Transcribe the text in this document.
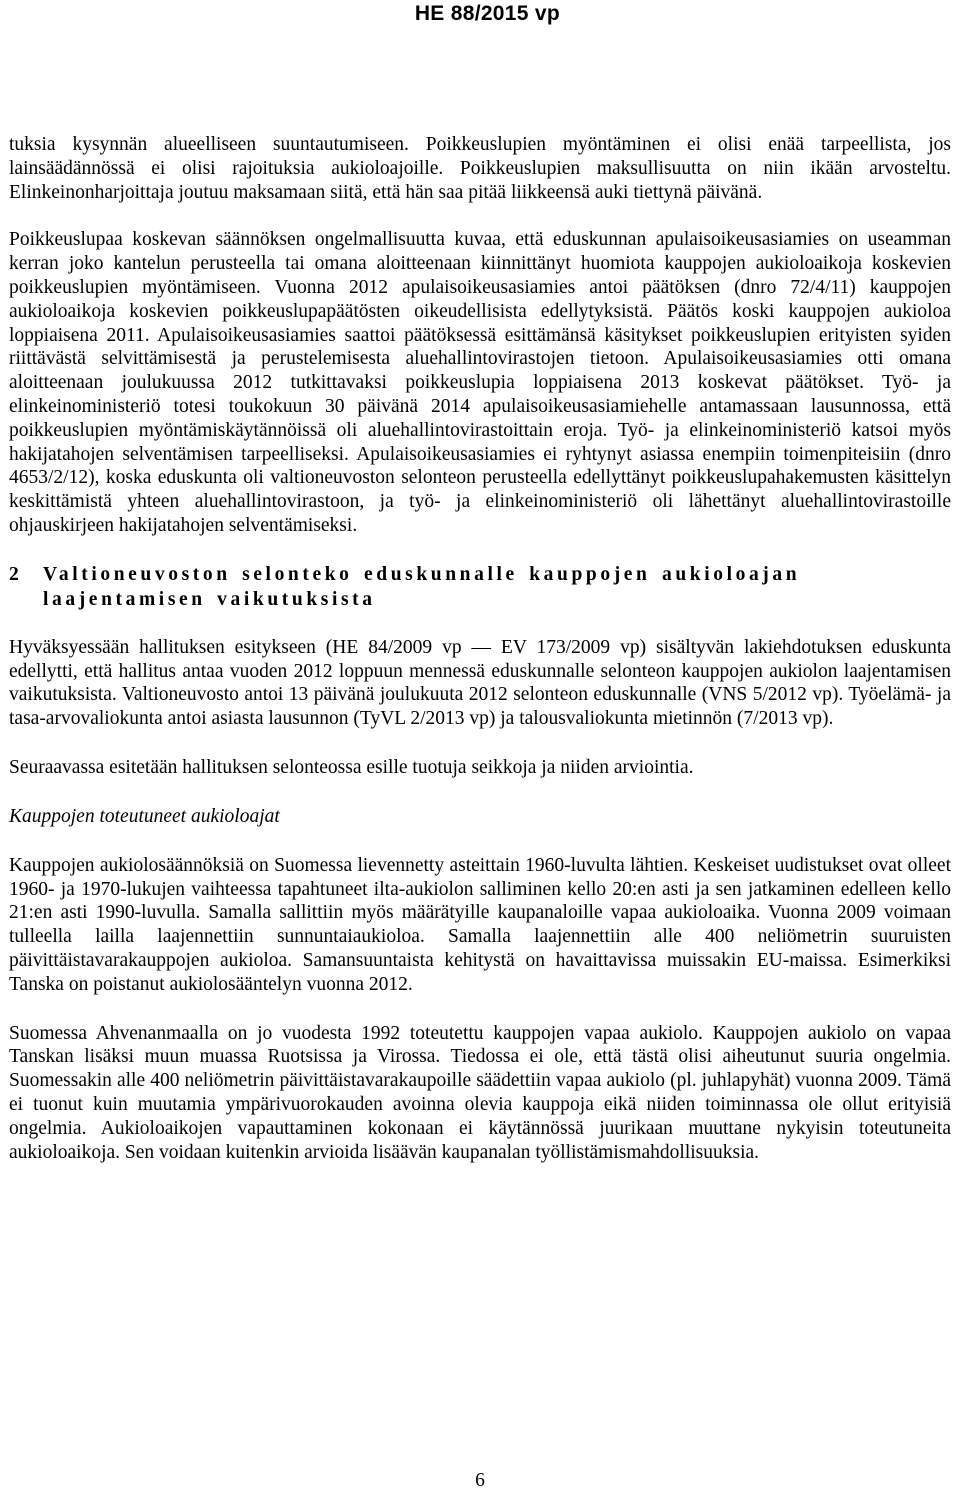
HE 88/2015 vp

tuksia kysynnän alueelliseen suuntautumiseen. Poikkeuslupien myöntäminen ei olisi enää tarpeellista, jos lainsäädännössä ei olisi rajoituksia aukioloajoille. Poikkeuslupien maksullisuutta on niin ikään arvosteltu. Elinkeinonharjoittaja joutuu maksamaan siitä, että hän saa pitää liikkeensä auki tiettynä päivänä.

Poikkeuslupaa koskevan säännöksen ongelmallisuutta kuvaa, että eduskunnan apulaisoikeusasiamies on useamman kerran joko kantelun perusteella tai omana aloitteenaan kiinnittänyt huomiota kauppojen aukioloaikoja koskevien poikkeuslupien myöntämiseen. Vuonna 2012 apulaisoikeusasiamies antoi päätöksen (dnro 72/4/11) kauppojen aukioloaikoja koskevien poikkeuslupapäätösten oikeudellisista edellytyksistä. Päätös koski kauppojen aukioloa loppiaisena 2011. Apulaisoikeusasiamies saattoi päätöksessä esittämänsä käsitykset poikkeuslupien erityisten syiden riittävästä selvittämisestä ja perustelemisesta aluehallintovirastojen tietoon. Apulaisoikeusasiamies otti omana aloitteenaan joulukuussa 2012 tutkittavaksi poikkeuslupia loppiaisena 2013 koskevat päätökset. Työ- ja elinkeinoministeriö totesi toukokuun 30 päivänä 2014 apulaisoikeusasiamiehelle antamassaan lausunnossa, että poikkeuslupien myöntämiskäytännöissä oli aluehallintovirastoittain eroja. Työ- ja elinkeinoministeriö katsoi myös hakijatahojen selventämisen tarpeelliseksi. Apulaisoikeusasiamies ei ryhtynyt asiassa enempiin toimenpiteisiin (dnro 4653/2/12), koska eduskunta oli valtioneuvoston selonteon perusteella edellyttänyt poikkeuslupahakemusten käsittelyn keskittämistä yhteen aluehallintovirastoon, ja työ- ja elinkeinoministeriö oli lähettänyt aluehallintovirastoille ohjauskirjeen hakijatahojen selventämiseksi.

2	Valtioneuvoston selonteko eduskunnalle kauppojen aukioloajan laajentamisen vaikutuksista

Hyväksyessään hallituksen esitykseen (HE 84/2009 vp — EV 173/2009 vp) sisältyvän lakiehdotuksen eduskunta edellytti, että hallitus antaa vuoden 2012 loppuun mennessä eduskunnalle selonteon kauppojen aukiolon laajentamisen vaikutuksista. Valtioneuvosto antoi 13 päivänä joulukuuta 2012 selonteon eduskunnalle (VNS 5/2012 vp). Työelämä- ja tasa-arvovaliokunta antoi asiasta lausunnon (TyVL 2/2013 vp) ja talousvaliokunta mietinnön (7/2013 vp).

Seuraavassa esitetään hallituksen selonteossa esille tuotuja seikkoja ja niiden arviointia.

Kauppojen toteutuneet aukioloajat

Kauppojen aukiolosäännöksiä on Suomessa lievennetty asteittain 1960-luvulta lähtien. Keskeiset uudistukset ovat olleet 1960- ja 1970-lukujen vaihteessa tapahtuneet ilta-aukiolon salliminen kello 20:en asti ja sen jatkaminen edelleen kello 21:en asti 1990-luvulla. Samalla sallittiin myös määrätyille kaupanaloille vapaa aukioloaika. Vuonna 2009 voimaan tulleella lailla laajennettiin sunnuntaiaukioloa. Samalla laajennettiin alle 400 neliömetrin suuruisten päivittäistavarakauppojen aukioloa. Samansuuntaista kehitystä on havaittavissa muissakin EU-maissa. Esimerkiksi Tanska on poistanut aukiolosääntelyn vuonna 2012.

Suomessa Ahvenanmaalla on jo vuodesta 1992 toteutettu kauppojen vapaa aukiolo. Kauppojen aukiolo on vapaa Tanskan lisäksi muun muassa Ruotsissa ja Virossa. Tiedossa ei ole, että tästä olisi aiheutunut suuria ongelmia. Suomessakin alle 400 neliömetrin päivittäistavarakaupoille säädettiin vapaa aukiolo (pl. juhlapyhät) vuonna 2009. Tämä ei tuonut kuin muutamia ympärivuorokauden avoinna olevia kauppoja eikä niiden toiminnassa ole ollut erityisiä ongelmia. Aukioloaikojen vapauttaminen kokonaan ei käytännössä juurikaan muuttane nykyisin toteutuneita aukioloaikoja. Sen voidaan kuitenkin arvioida lisäävän kaupanalan työllistämismahdollisuuksia.

6
